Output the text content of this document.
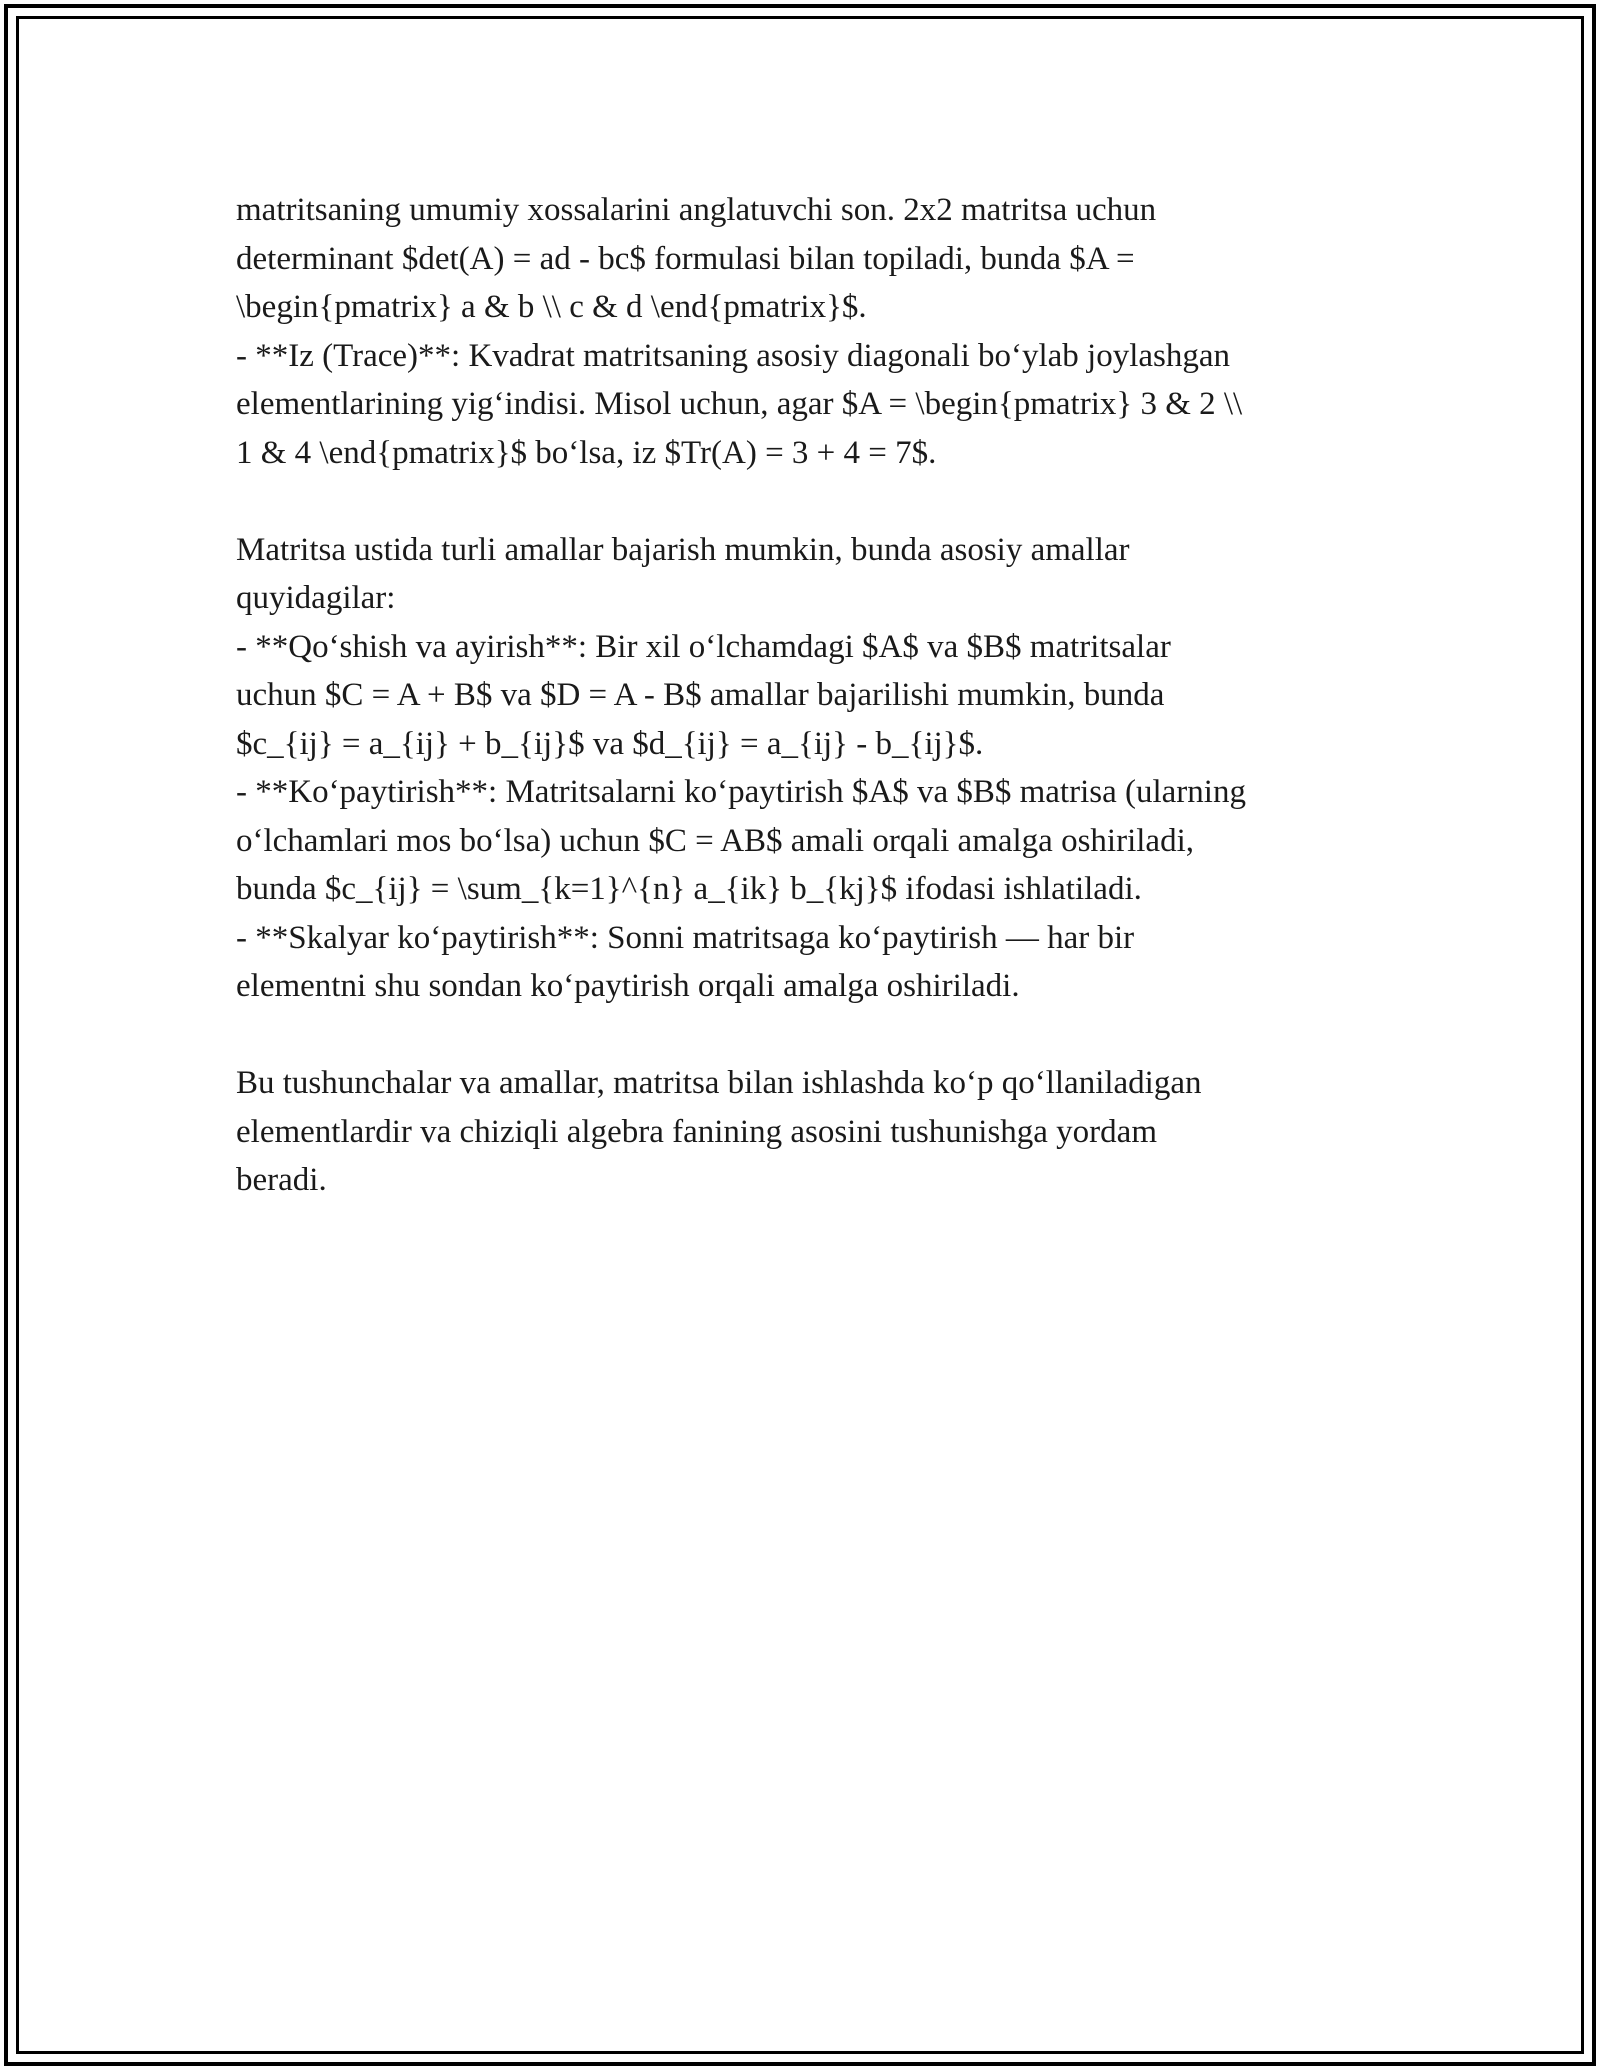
matritsaning umumiy xossalarini anglatuvchi son. 2x2 matritsa uchun
determinant $det(A) = ad - bc$ formulasi bilan topiladi, bunda $A =
\begin{pmatrix} a & b \\ c & d \end{pmatrix}$.
- **Iz (Trace)**: Kvadrat matritsaning asosiy diagonali bo‘ylab joylashgan
elementlarining yig‘indisi. Misol uchun, agar $A = \begin{pmatrix} 3 & 2 \\
1 & 4 \end{pmatrix}$ bo‘lsa, iz $Tr(A) = 3 + 4 = 7$.

Matritsa ustida turli amallar bajarish mumkin, bunda asosiy amallar
quyidagilar:
- **Qo‘shish va ayirish**: Bir xil o‘lchamdagi $A$ va $B$ matritsalar
uchun $C = A + B$ va $D = A - B$ amallar bajarilishi mumkin, bunda
$c_{ij} = a_{ij} + b_{ij}$ va $d_{ij} = a_{ij} - b_{ij}$.
- **Ko‘paytirish**: Matritsalarni ko‘paytirish $A$ va $B$ matrisa (ularning
o‘lchamlari mos bo‘lsa) uchun $C = AB$ amali orqali amalga oshiriladi,
bunda $c_{ij} = \sum_{k=1}^{n} a_{ik} b_{kj}$ ifodasi ishlatiladi.
- **Skalyar ko‘paytirish**: Sonni matritsaga ko‘paytirish — har bir
elementni shu sondan ko‘paytirish orqali amalga oshiriladi.

Bu tushunchalar va amallar, matritsa bilan ishlashda ko‘p qo‘llaniladigan
elementlardir va chiziqli algebra fanining asosini tushunishga yordam
beradi.
